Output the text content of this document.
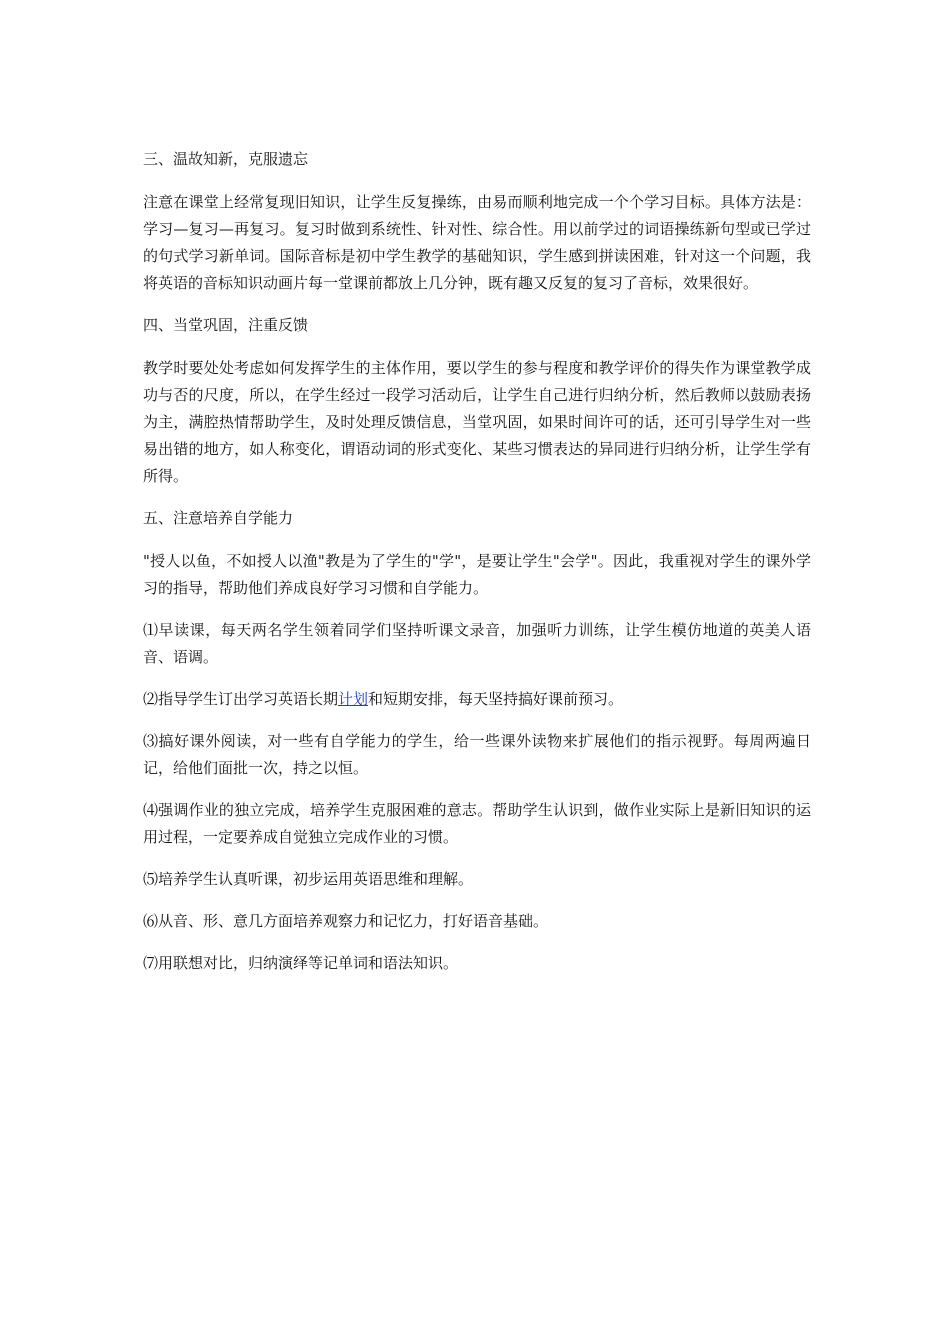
三、温故知新，克服遗忘

注意在课堂上经常复现旧知识，让学生反复操练，由易而顺利地完成一个个学习目标。具体方法是：学习—复习—再复习。复习时做到系统性、针对性、综合性。用以前学过的词语操练新句型或已学过的句式学习新单词。国际音标是初中学生教学的基础知识，学生感到拼读困难，针对这一个问题，我将英语的音标知识动画片每一堂课前都放上几分钟，既有趣又反复的复习了音标，效果很好。

四、当堂巩固，注重反馈

教学时要处处考虑如何发挥学生的主体作用，要以学生的参与程度和教学评价的得失作为课堂教学成功与否的尺度，所以，在学生经过一段学习活动后，让学生自己进行归纳分析，然后教师以鼓励表扬为主，满腔热情帮助学生，及时处理反馈信息，当堂巩固，如果时间许可的话，还可引导学生对一些易出错的地方，如人称变化，谓语动词的形式变化、某些习惯表达的异同进行归纳分析，让学生学有所得。

五、注意培养自学能力

"授人以鱼，不如授人以渔"教是为了学生的"学"，是要让学生"会学"。因此，我重视对学生的课外学习的指导，帮助他们养成良好学习习惯和自学能力。

⑴早读课，每天两名学生领着同学们坚持听课文录音，加强听力训练，让学生模仿地道的英美人语音、语调。

⑵指导学生订出学习英语长期计划和短期安排，每天坚持搞好课前预习。

⑶搞好课外阅读，对一些有自学能力的学生，给一些课外读物来扩展他们的指示视野。每周两遍日记，给他们面批一次，持之以恒。

⑷强调作业的独立完成，培养学生克服困难的意志。帮助学生认识到，做作业实际上是新旧知识的运用过程，一定要养成自觉独立完成作业的习惯。

⑸培养学生认真听课，初步运用英语思维和理解。

⑹从音、形、意几方面培养观察力和记忆力，打好语音基础。

⑺用联想对比，归纳演绎等记单词和语法知识。
